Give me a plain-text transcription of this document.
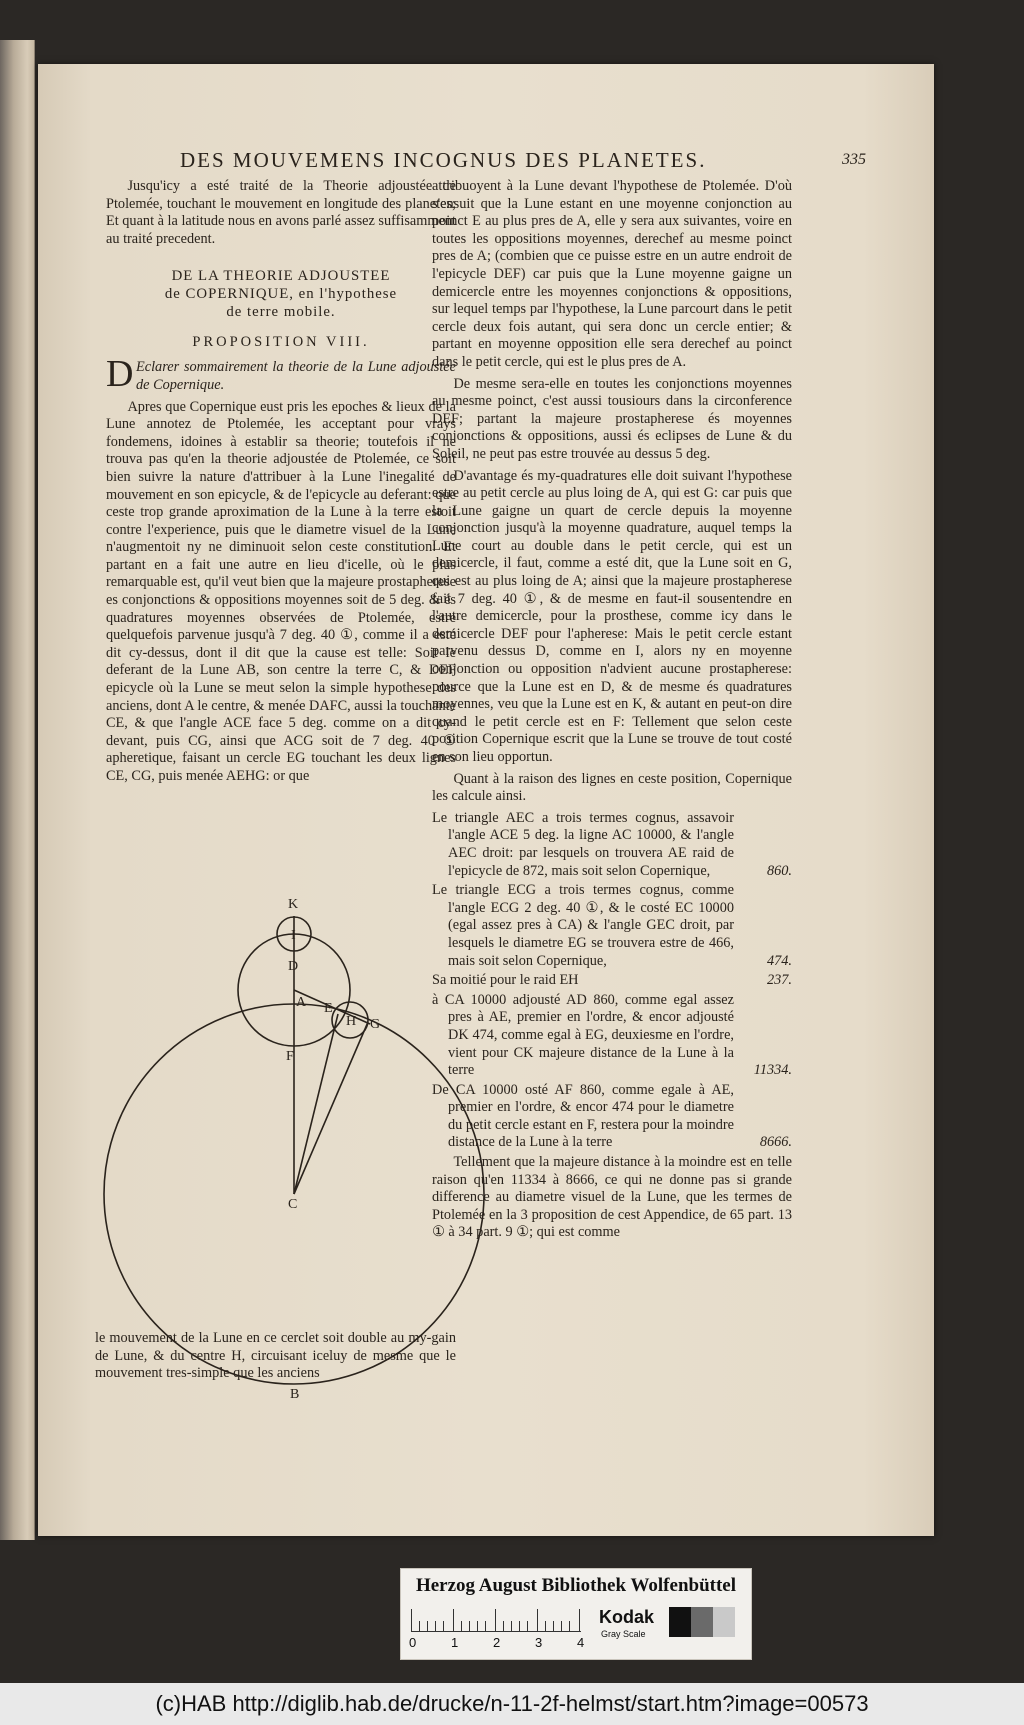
DES MOUVEMENS INCOGNUS DES PLANETES.	335

Jusqu'icy a esté traité de la Theorie adjoustée de Ptolemée, touchant le mouvement en longitude des planetes; Et quant à la latitude nous en avons parlé assez suffisamment au traité precedent.

DE LA THEORIE ADJOUSTEE
de COPERNIQUE, en l'hypothese
de terre mobile.
PROPOSITION VIII.
D Eclarer sommairement la theorie de la Lune adjoustée de Copernique.

Apres que Copernique eust pris les epoches & lieux de la Lune annotez de Ptolemée, les acceptant pour vrays fondemens, idoines à establir sa theorie; toutefois il ne trouva pas qu'en la theorie adjoustée de Ptolemée, ce soit bien suivre la nature d'attribuer à la Lune l'inegalité de mouvement en son epicycle, & de l'epicycle au deferant: que ceste trop grande aproximation de la Lune à la terre estoit contre l'experience, puis que le diametre visuel de la Lune n'augmentoit ny ne diminuoit selon ceste constitution: Et partant en a fait une autre en lieu d'icelle, où le plus remarquable est, qu'il veut bien que la majeure prostapherese es conjonctions & oppositions moyennes soit de 5 deg. & és quadratures moyennes observées de Ptolemée, estre quelquefois parvenue jusqu'à 7 deg. 40 ①, comme il a esté dit cy-dessus, dont il dit que la cause est telle: Soit le deferant de la Lune AB, son centre la terre C, & DEF epicycle où la Lune se meut selon la simple hypothese des anciens, dont A le centre, & menée DAFC, aussi la touchante CE, & que l'angle ACE face 5 deg. comme on a dit cy-devant, puis CG, ainsi que ACG soit de 7 deg. 40 ① apheretique, faisant un cercle EG touchant les deux lignes CE, CG, puis menée AEHG: or que

K
I
D
A E
H G
F
C
B

le mouvement de la Lune en ce cerclet soit double au my-gain de Lune, & du centre H, circuisant iceluy de mesme que le mouvement tres-simple que les anciens

attribuoyent à la Lune devant l'hypothese de Ptolemée. D'où s'ensuit que la Lune estant en une moyenne conjonction au poinct E au plus pres de A, elle y sera aux suivantes, voire en toutes les oppositions moyennes, derechef au mesme poinct pres de A; (combien que ce puisse estre en un autre endroit de l'epicycle DEF) car puis que la Lune moyenne gaigne un demicercle entre les moyennes conjonctions & oppositions, sur lequel temps par l'hypothese, la Lune parcourt dans le petit cercle deux fois autant, qui sera donc un cercle entier; & partant en moyenne opposition elle sera derechef au poinct dans le petit cercle, qui est le plus pres de A.

De mesme sera-elle en toutes les conjonctions moyennes au mesme poinct, c'est aussi tousiours dans la circonference DEF; partant la majeure prostapherese és moyennes conjonctions & oppositions, aussi és eclipses de Lune & du Soleil, ne peut pas estre trouvée au dessus 5 deg.

D'avantage és my-quadratures elle doit suivant l'hypothese estre au petit cercle au plus loing de A, qui est G: car puis que la Lune gaigne un quart de cercle depuis la moyenne conjonction jusqu'à la moyenne quadrature, auquel temps la Lune court au double dans le petit cercle, qui est un demicercle, il faut, comme a esté dit, que la Lune soit en G, qui est au plus loing de A; ainsi que la majeure prostapherese fait 7 deg. 40 ①, & de mesme en faut-il sousentendre en l'autre demicercle, pour la prosthese, comme icy dans le demicercle DEF pour l'apherese: Mais le petit cercle estant parvenu dessus D, comme en I, alors ny en moyenne conjonction ou opposition n'advient aucune prostapherese: pource que la Lune est en D, & de mesme és quadratures moyennes, veu que la Lune est en K, & autant en peut-on dire quand le petit cercle est en F: Tellement que selon ceste position Copernique escrit que la Lune se trouve de tout costé en son lieu opportun.

Quant à la raison des lignes en ceste position, Copernique les calcule ainsi.

Le triangle AEC a trois termes cognus, assavoir l'angle ACE 5 deg. la ligne AC 10000, & l'angle AEC droit: par lesquels on trouvera AE raid de l'epicycle de 872, mais soit selon Copernique,	860.
Le triangle ECG a trois termes cognus, comme l'angle ECG 2 deg. 40 ①, & le costé EC 10000 (egal assez pres à CA) & l'angle GEC droit, par lesquels le diametre EG se trouvera estre de 466, mais soit selon Copernique,	474.
Sa moitié pour le raid EH	237.
à CA 10000 adjousté AD 860, comme egal assez pres à AE, premier en l'ordre, & encor adjousté DK 474, comme egal à EG, deuxiesme en l'ordre, vient pour CK majeure distance de la Lune à la terre	11334.
De CA 10000 osté AF 860, comme egale à AE, premier en l'ordre, & encor 474 pour le diametre du petit cercle estant en F, restera pour la moindre distance de la Lune à la terre	8666.

Tellement que la majeure distance à la moindre est en telle raison qu'en 11334 à 8666, ce qui ne donne pas si grande difference au diametre visuel de la Lune, que les termes de Ptolemée en la 3 proposition de cest Appendice, de 65 part. 13 ① à 34 part. 9 ①; qui est comme

Herzog August Bibliothek Wolfenbüttel
0	1	2	3	4
Kodak
Gray Scale
(c)HAB http://diglib.hab.de/drucke/n-11-2f-helmst/start.htm?image=00573
